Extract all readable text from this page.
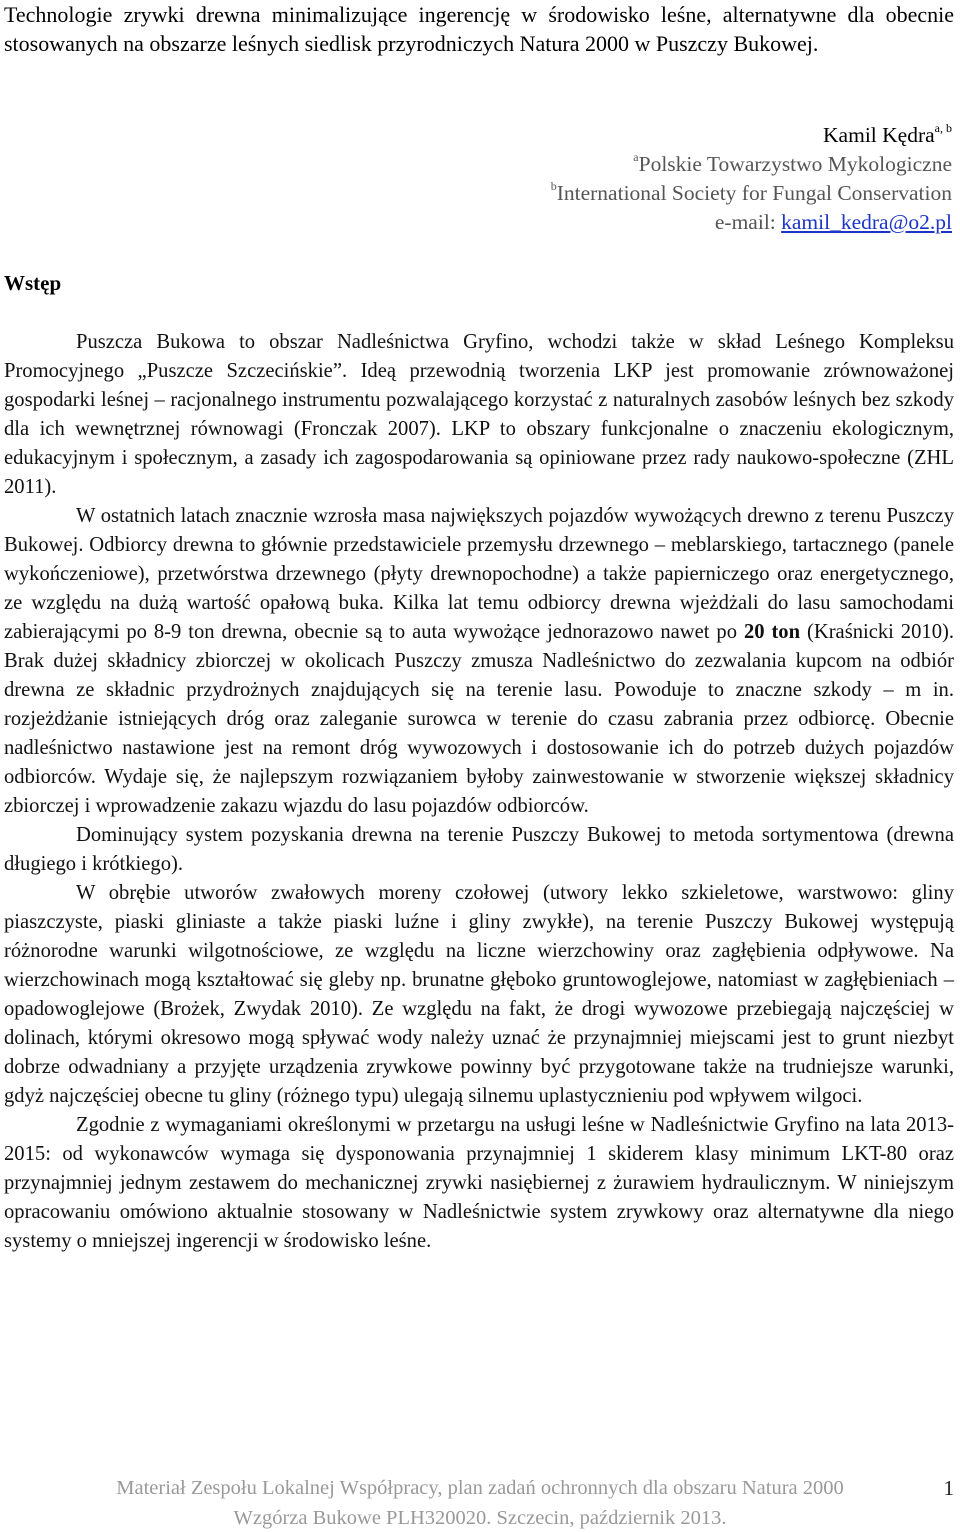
Technologie zrywki drewna minimalizujące ingerencję w środowisko leśne, alternatywne dla obecnie stosowanych na obszarze leśnych siedlisk przyrodniczych Natura 2000 w Puszczy Bukowej.
Kamil Kędra$^{a, b}$
$^a$Polskie Towarzystwo Mykologiczne
$^b$International Society for Fungal Conservation
e-mail: kamil_kedra@o2.pl
Wstęp

Puszcza Bukowa to obszar Nadleśnictwa Gryfino, wchodzi także w skład Leśnego Kompleksu Promocyjnego „Puszcze Szczecińskie”. Ideą przewodnią tworzenia LKP jest promowanie zrównoważonej gospodarki leśnej – racjonalnego instrumentu pozwalającego korzystać z naturalnych zasobów leśnych bez szkody dla ich wewnętrznej równowagi (Fronczak 2007). LKP to obszary funkcjonalne o znaczeniu ekologicznym, edukacyjnym i społecznym, a zasady ich zagospodarowania są opiniowane przez rady naukowo-społeczne (ZHL 2011).

W ostatnich latach znacznie wzrosła masa największych pojazdów wywożących drewno z terenu Puszczy Bukowej. Odbiorcy drewna to głównie przedstawiciele przemysłu drzewnego – meblarskiego, tartacznego (panele wykończeniowe), przetwórstwa drzewnego (płyty drewnopochodne) a także papierniczego oraz energetycznego, ze względu na dużą wartość opałową buka. Kilka lat temu odbiorcy drewna wjeżdżali do lasu samochodami zabierającymi po 8-9 ton drewna, obecnie są to auta wywożące jednorazowo nawet po 20 ton (Kraśnicki 2010). Brak dużej składnicy zbiorczej w okolicach Puszczy zmusza Nadleśnictwo do zezwalania kupcom na odbiór drewna ze składnic przydrożnych znajdujących się na terenie lasu. Powoduje to znaczne szkody – m in. rozjeżdżanie istniejących dróg oraz zaleganie surowca w terenie do czasu zabrania przez odbiorcę. Obecnie nadleśnictwo nastawione jest na remont dróg wywozowych i dostosowanie ich do potrzeb dużych pojazdów odbiorców. Wydaje się, że najlepszym rozwiązaniem byłoby zainwestowanie w stworzenie większej składnicy zbiorczej i wprowadzenie zakazu wjazdu do lasu pojazdów odbiorców.

Dominujący system pozyskania drewna na terenie Puszczy Bukowej to metoda sortymentowa (drewna długiego i krótkiego).

W obrębie utworów zwałowych moreny czołowej (utwory lekko szkieletowe, warstwowo: gliny piaszczyste, piaski gliniaste a także piaski luźne i gliny zwykłe), na terenie Puszczy Bukowej występują różnorodne warunki wilgotnościowe, ze względu na liczne wierzchowiny oraz zagłębienia odpływowe. Na wierzchowinach mogą kształtować się gleby np. brunatne głęboko gruntowoglejowe, natomiast w zagłębieniach – opadowoglejowe (Brożek, Zwydak 2010). Ze względu na fakt, że drogi wywozowe przebiegają najczęściej w dolinach, którymi okresowo mogą spływać wody należy uznać że przynajmniej miejscami jest to grunt niezbyt dobrze odwadniany a przyjęte urządzenia zrywkowe powinny być przygotowane także na trudniejsze warunki, gdyż najczęściej obecne tu gliny (różnego typu) ulegają silnemu uplastycznieniu pod wpływem wilgoci.

Zgodnie z wymaganiami określonymi w przetargu na usługi leśne w Nadleśnictwie Gryfino na lata 2013-2015: od wykonawców wymaga się dysponowania przynajmniej 1 skiderem klasy minimum LKT-80 oraz przynajmniej jednym zestawem do mechanicznej zrywki nasiębiernej z żurawiem hydraulicznym. W niniejszym opracowaniu omówiono aktualnie stosowany w Nadleśnictwie system zrywkowy oraz alternatywne dla niego systemy o mniejszej ingerencji w środowisko leśne.

Materiał Zespołu Lokalnej Współpracy, plan zadań ochronnych dla obszaru Natura 2000
Wzgórza Bukowe PLH320020. Szczecin, październik 2013.
1
